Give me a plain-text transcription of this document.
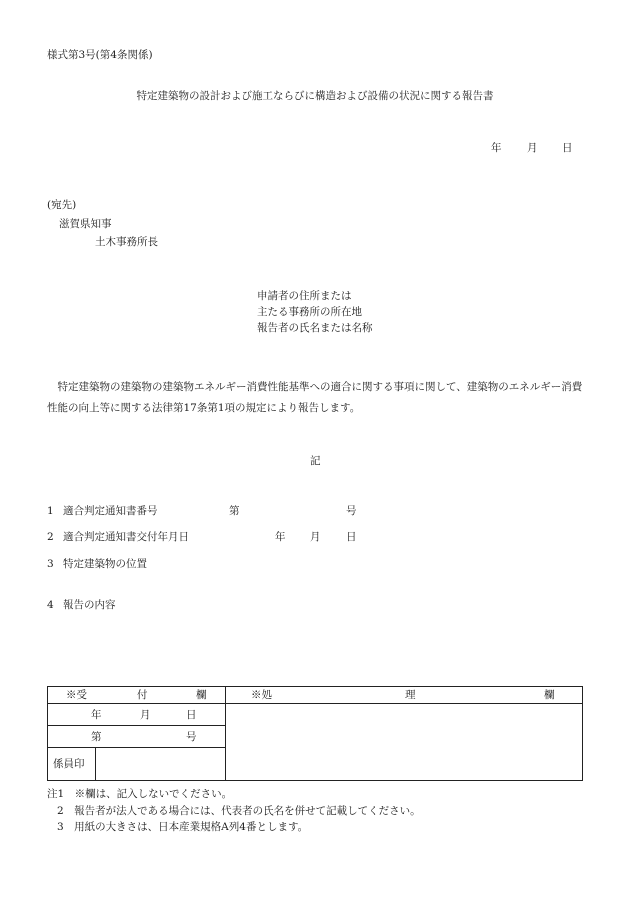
様式第3号(第4条関係)
特定建築物の設計および施工ならびに構造および設備の状況に関する報告書
年 月 日
(宛先)
滋賀県知事
土木事務所長
申請者の住所または
主たる事務所の所在地
報告者の氏名または名称
特定建築物の建築物の建築物エネルギー消費性能基準への適合に関する事項に関して、建築物のエネルギー消費性能の向上等に関する法律第17条第1項の規定により報告します。
記
1 適合判定通知書番号	第	号
2 適合判定通知書交付年月日	年 月 日
3 特定建築物の位置
4 報告の内容
※受 付 欄	※処 理 欄

年 月 日	

第 号	

係員印	
注1　※欄は、記入しないでください。
2　報告者が法人である場合には、代表者の氏名を併せて記載してください。
3　用紙の大きさは、日本産業規格A列4番とします。
